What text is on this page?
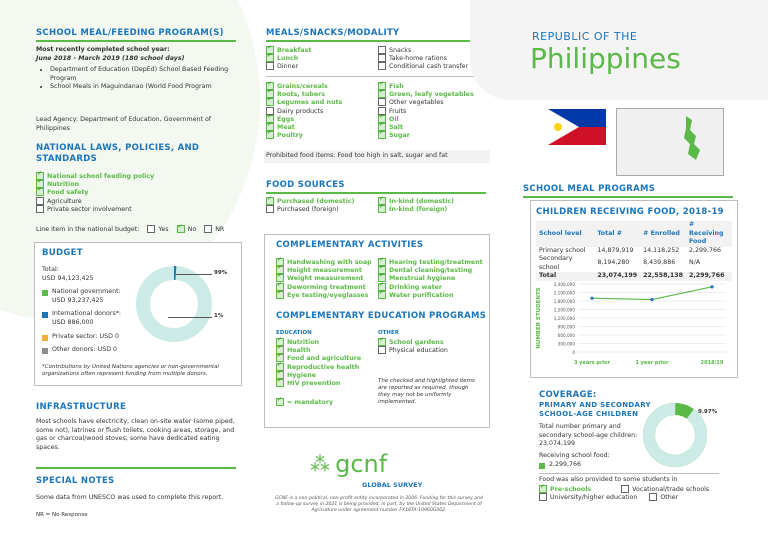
SCHOOL MEAL/FEEDING PROGRAM(S)
Most recently completed school year:
June 2018 - March 2019 (180 school days)
• Department of Education (DepEd) School Based Feeding Program
• School Meals in Maguindanao (World Food Program
Lead Agency: Department of Education, Government of Philippines
NATIONAL LAWS, POLICIES, AND STANDARDS
✓National school feeding policy
✓Nutrition
✓Food safety
Agriculture
Private sector involvement
Line item in the national budget:	Yes ✓	No	NR
BUDGET
Total:
USD 94,123,425
National government:
USD 93,237,425
International donors*:
USD 886,000
Private sector: USD 0
Other donors: USD 0
99%
1%
*Contributions by United Nations agencies or non-governmental organizations often represent funding from multiple donors.
INFRASTRUCTURE
Most schools have electricity, clean on-site water (some piped, some not), latrines or flush toilets, cooking areas, storage, and gas or charcoal/wood stoves; some have dedicated eating spaces.
SPECIAL NOTES
Some data from UNESCO was used to complete this report.
NR = No Response
MEALS/SNACKS/MODALITY
✓Breakfast
✓Lunch
Dinner
Snacks
Take-home rations
Conditional cash transfer
✓Grains/cereals
✓Roots, tubers
✓Legumes and nuts
Dairy products
✓Eggs
✓Meat
✓Poultry
✓Fish
✓Green, leafy vegetables
Other vegetables
Fruits
✓Oil
✓Salt
✓Sugar
Prohibited food items: Food too high in salt, sugar and fat
FOOD SOURCES
✓Purchased (domestic)
Purchased (foreign)
✓In-kind (domestic)
✓In-kind (foreign)
COMPLEMENTARY ACTIVITIES
✓Handwashing with soap
✓Height measurement
✓Weight measurement
✓Deworming treatment
✓Eye testing/eyeglasses
✓Hearing testing/treatment
✓Dental cleaning/testing
✓Menstrual hygiene
✓Drinking water
✓Water purification
COMPLEMENTARY EDUCATION PROGRAMS
EDUCATION	OTHER
✓Nutrition
✓Health
✓Food and agriculture
✓Reproductive health
✓Hygiene
✓HIV prevention
✓School gardens
Physical education
✓= mandatory
The checked and highlighted items are reported as required, though they may not be uniformly implemented.
⁂ gcnf
GLOBAL SURVEY
GCNF is a non-political, non-profit entity incorporated in 2006. Funding for this survey and a follow-up survey in 2021 is being provided, in part, by the United States Department of Agriculture under agreement number FX18TA-10960G002.
REPUBLIC OF THE
Philippines
SCHOOL MEAL PROGRAMS
CHILDREN RECEIVING FOOD, 2018-19
School level	Total #	# Enrolled	# Receiving Food
Primary school	14,879,919	14,118,252	2,299,766
Secondary school	8,194,280	8,439,886	N/A
Total	23,074,199	22,558,138	2,299,766
2,400,000
2,100,000
1,800,000
1,500,000
1,200,000
900,000
600,000
300,000
0
NUMBER STUDENTS
3 years prior	1 year prior	2018/19
COVERAGE:
PRIMARY AND SECONDARY SCHOOL-AGE CHILDREN	9.97%
Total number primary and secondary school-age children: 23,074,199
Receiving school food:
2,299,766
Food was also provided to some students in
✓Pre-schools	Vocational/trade schools
University/higher education	Other
